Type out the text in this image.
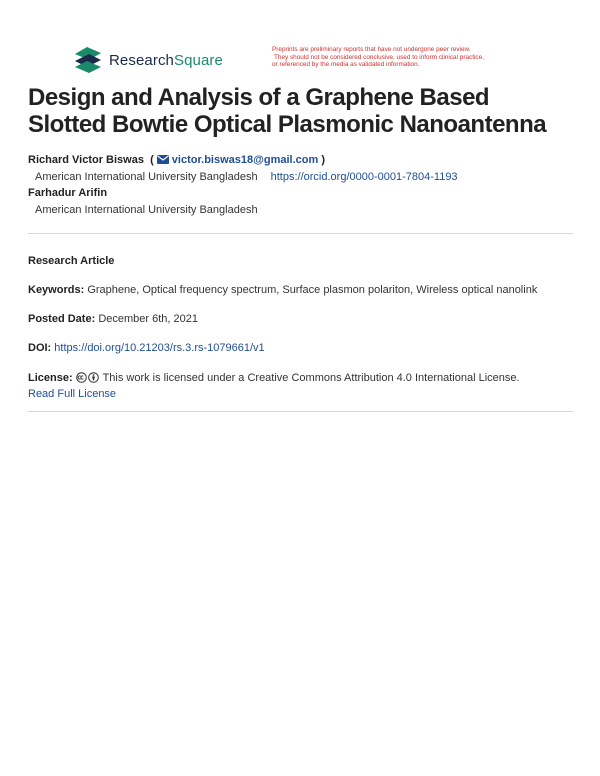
ResearchSquare
Preprints are preliminary reports that have not undergone peer review.
They should not be considered conclusive, used to inform clinical practice,
or referenced by the media as validated information.
Design and Analysis of a Graphene Based Slotted Bowtie Optical Plasmonic Nanoantenna
Richard Victor Biswas  ( victor.biswas18@gmail.com )
American International University Bangladesh https://orcid.org/0000-0001-7804-1193
Farhadur Arifin
American International University Bangladesh
Research Article
Keywords: Graphene, Optical frequency spectrum, Surface plasmon polariton, Wireless optical nanolink
Posted Date: December 6th, 2021
DOI: https://doi.org/10.21203/rs.3.rs-1079661/v1
License:	This work is licensed under a Creative Commons Attribution 4.0 International License.
Read Full License
